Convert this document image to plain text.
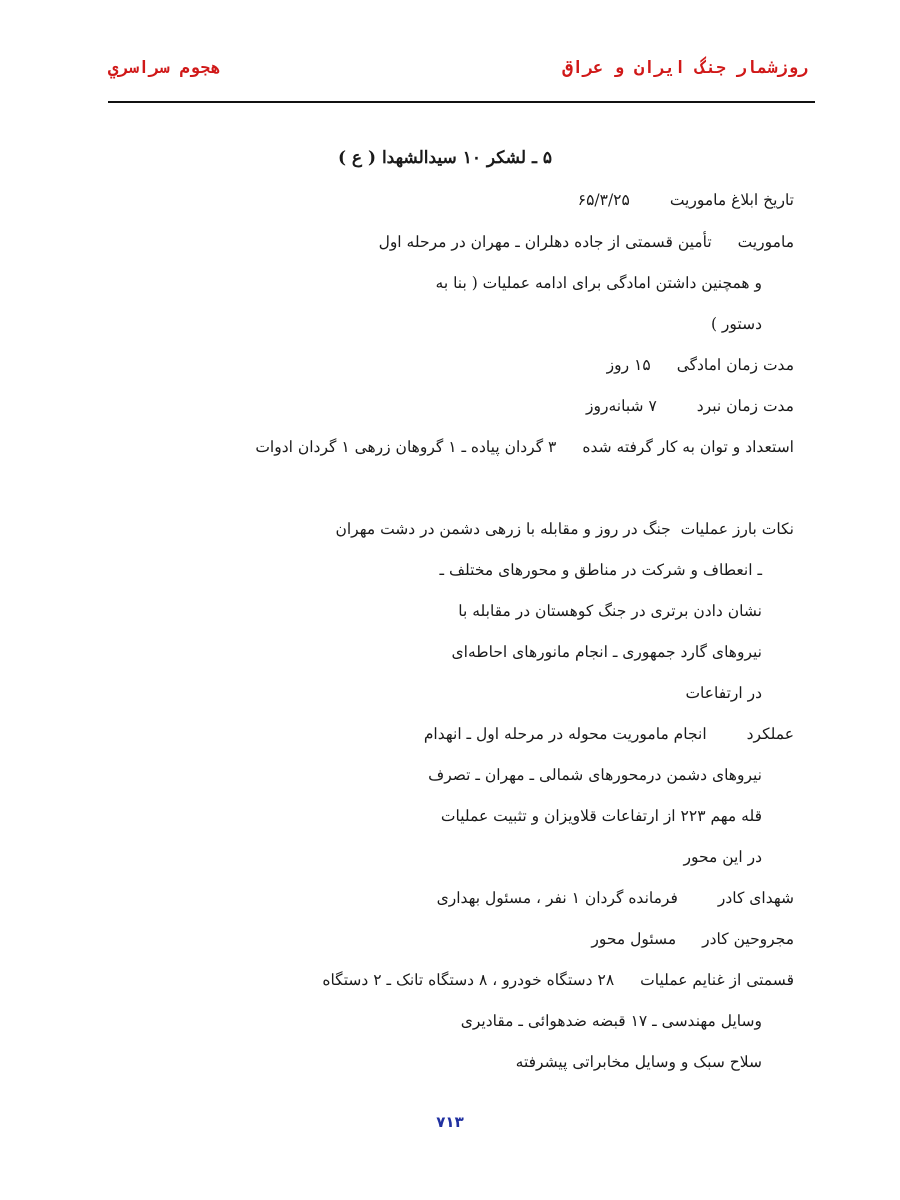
روزشمار جنگ ايران و عراق
هجوم سراسري
۵ ـ لشکر ۱۰ سیدالشهدا ( ع )
تاریخ ابلاغ ماموریت۶۵/۳/۲۵
ماموریتتأمین قسمتی از جاده دهلران ـ مهران در مرحله اول
و همچنین داشتن امادگی برای ادامه عملیات ( بنا به
دستور )
مدت زمان امادگی۱۵ روز
مدت زمان نبرد۷ شبانه‌روز
استعداد و توان به کار گرفته شده۳ گردان پیاده ـ ۱ گروهان زرهی ۱ گردان ادوات
نکات بارز عملیات  جنگ در روز و مقابله با زرهی دشمن در دشت مهران
ـ انعطاف و شرکت در مناطق و محورهای مختلف ـ
نشان دادن برتری در جنگ کوهستان در مقابله با
نیروهای گارد جمهوری ـ انجام مانورهای احاطه‌ای
در ارتفاعات
عملکردانجام ماموریت محوله در مرحله اول ـ انهدام
نیروهای دشمن درمحورهای شمالی ـ مهران ـ تصرف
قله مهم ۲۲۳ از ارتفاعات قلاویزان و تثبیت عملیات
در این محور
شهدای کادرفرمانده گردان ۱ نفر ، مسئول بهداری
مجروحین کادرمسئول محور
قسمتی از غنایم عملیات۲۸ دستگاه خودرو ، ۸ دستگاه تانک ـ ۲ دستگاه
وسایل مهندسی ـ ۱۷ قبضه ضدهوائی ـ مقادیری
سلاح سبک و وسایل مخابراتی پیشرفته
۷۱۳
